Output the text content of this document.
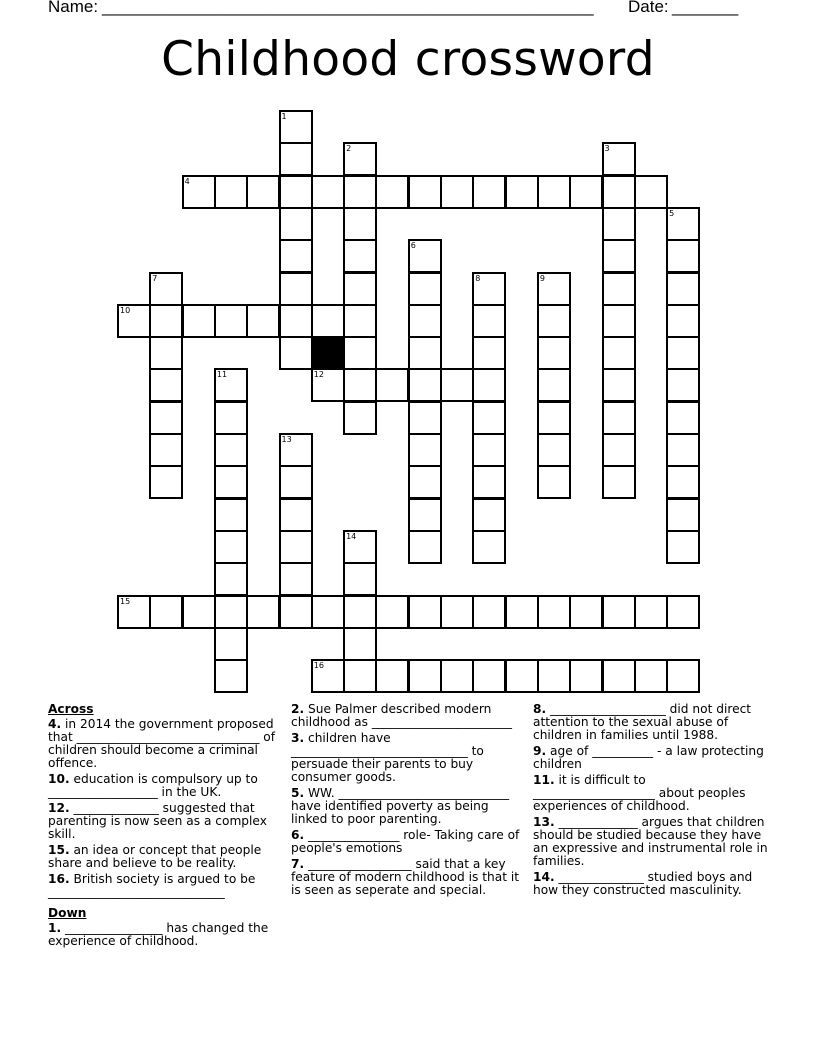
Name: ____________________________________________________ Date: _______
Childhood crossword
1
2	3
4
5
6
7	8	9
10
11	12
13
14
15
16
Across

4. in 2014 the government proposed that ______________________________ of children should become a criminal offence.

10. education is compulsory up to __________________ in the UK.

12. ______________ suggested that parenting is now seen as a complex skill.

15. an idea or concept that people share and believe to be reality.

16. British society is argued to be _____________________________

Down

1. ________________ has changed the experience of childhood.

2. Sue Palmer described modern childhood as _______________________

3. children have _____________________________ to persuade their parents to buy consumer goods.

5. WW. ____________________________ have identified poverty as being linked to poor parenting.

6. _______________ role- Taking care of people's emotions

7. _________________ said that a key feature of modern childhood is that it is seen as seperate and special.

8. ___________________ did not direct attention to the sexual abuse of children in families until 1988.

9. age of __________ - a law protecting children

11. it is difficult to ____________________ about peoples experiences of childhood.

13. _____________ argues that children should be studied because they have an expressive and instrumental role in families.

14. ______________ studied boys and how they constructed masculinity.
